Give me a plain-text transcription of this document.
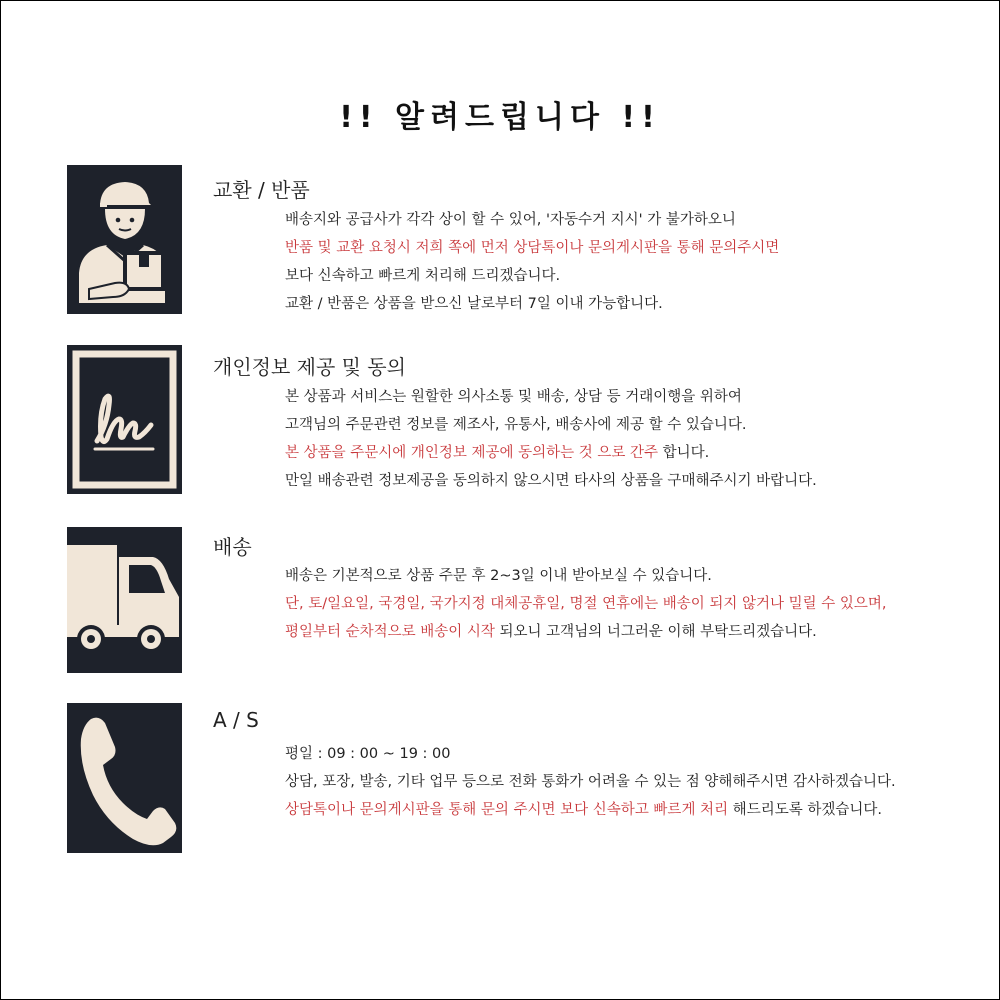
!! 알려드립니다 !!
교환 / 반품
배송지와 공급사가 각각 상이 할 수 있어, '자동수거 지시' 가 불가하오니
반품 및 교환 요청시 저희 쪽에 먼저 상담톡이나 문의게시판을 통해 문의주시면
보다 신속하고 빠르게 처리해 드리겠습니다.
교환 / 반품은 상품을 받으신 날로부터 7일 이내 가능합니다.
개인정보 제공 및 동의
본 상품과 서비스는 원할한 의사소통 및 배송, 상담 등 거래이행을 위하여
고객님의 주문관련 정보를 제조사, 유통사, 배송사에 제공 할 수 있습니다.
본 상품을 주문시에 개인정보 제공에 동의하는 것 으로 간주 합니다.
만일 배송관련 정보제공을 동의하지 않으시면 타사의 상품을 구매해주시기 바랍니다.
배송
배송은 기본적으로 상품 주문 후 2~3일 이내 받아보실 수 있습니다.
단, 토/일요일, 국경일, 국가지정 대체공휴일, 명절 연휴에는 배송이 되지 않거나 밀릴 수 있으며,
평일부터 순차적으로 배송이 시작 되오니 고객님의 너그러운 이해 부탁드리겠습니다.
A / S
평일 : 09 : 00 ~ 19 : 00
상담, 포장, 발송, 기타 업무 등으로 전화 통화가 어려울 수 있는 점 양해해주시면 감사하겠습니다.
상담톡이나 문의게시판을 통해 문의 주시면 보다 신속하고 빠르게 처리 해드리도록 하겠습니다.
